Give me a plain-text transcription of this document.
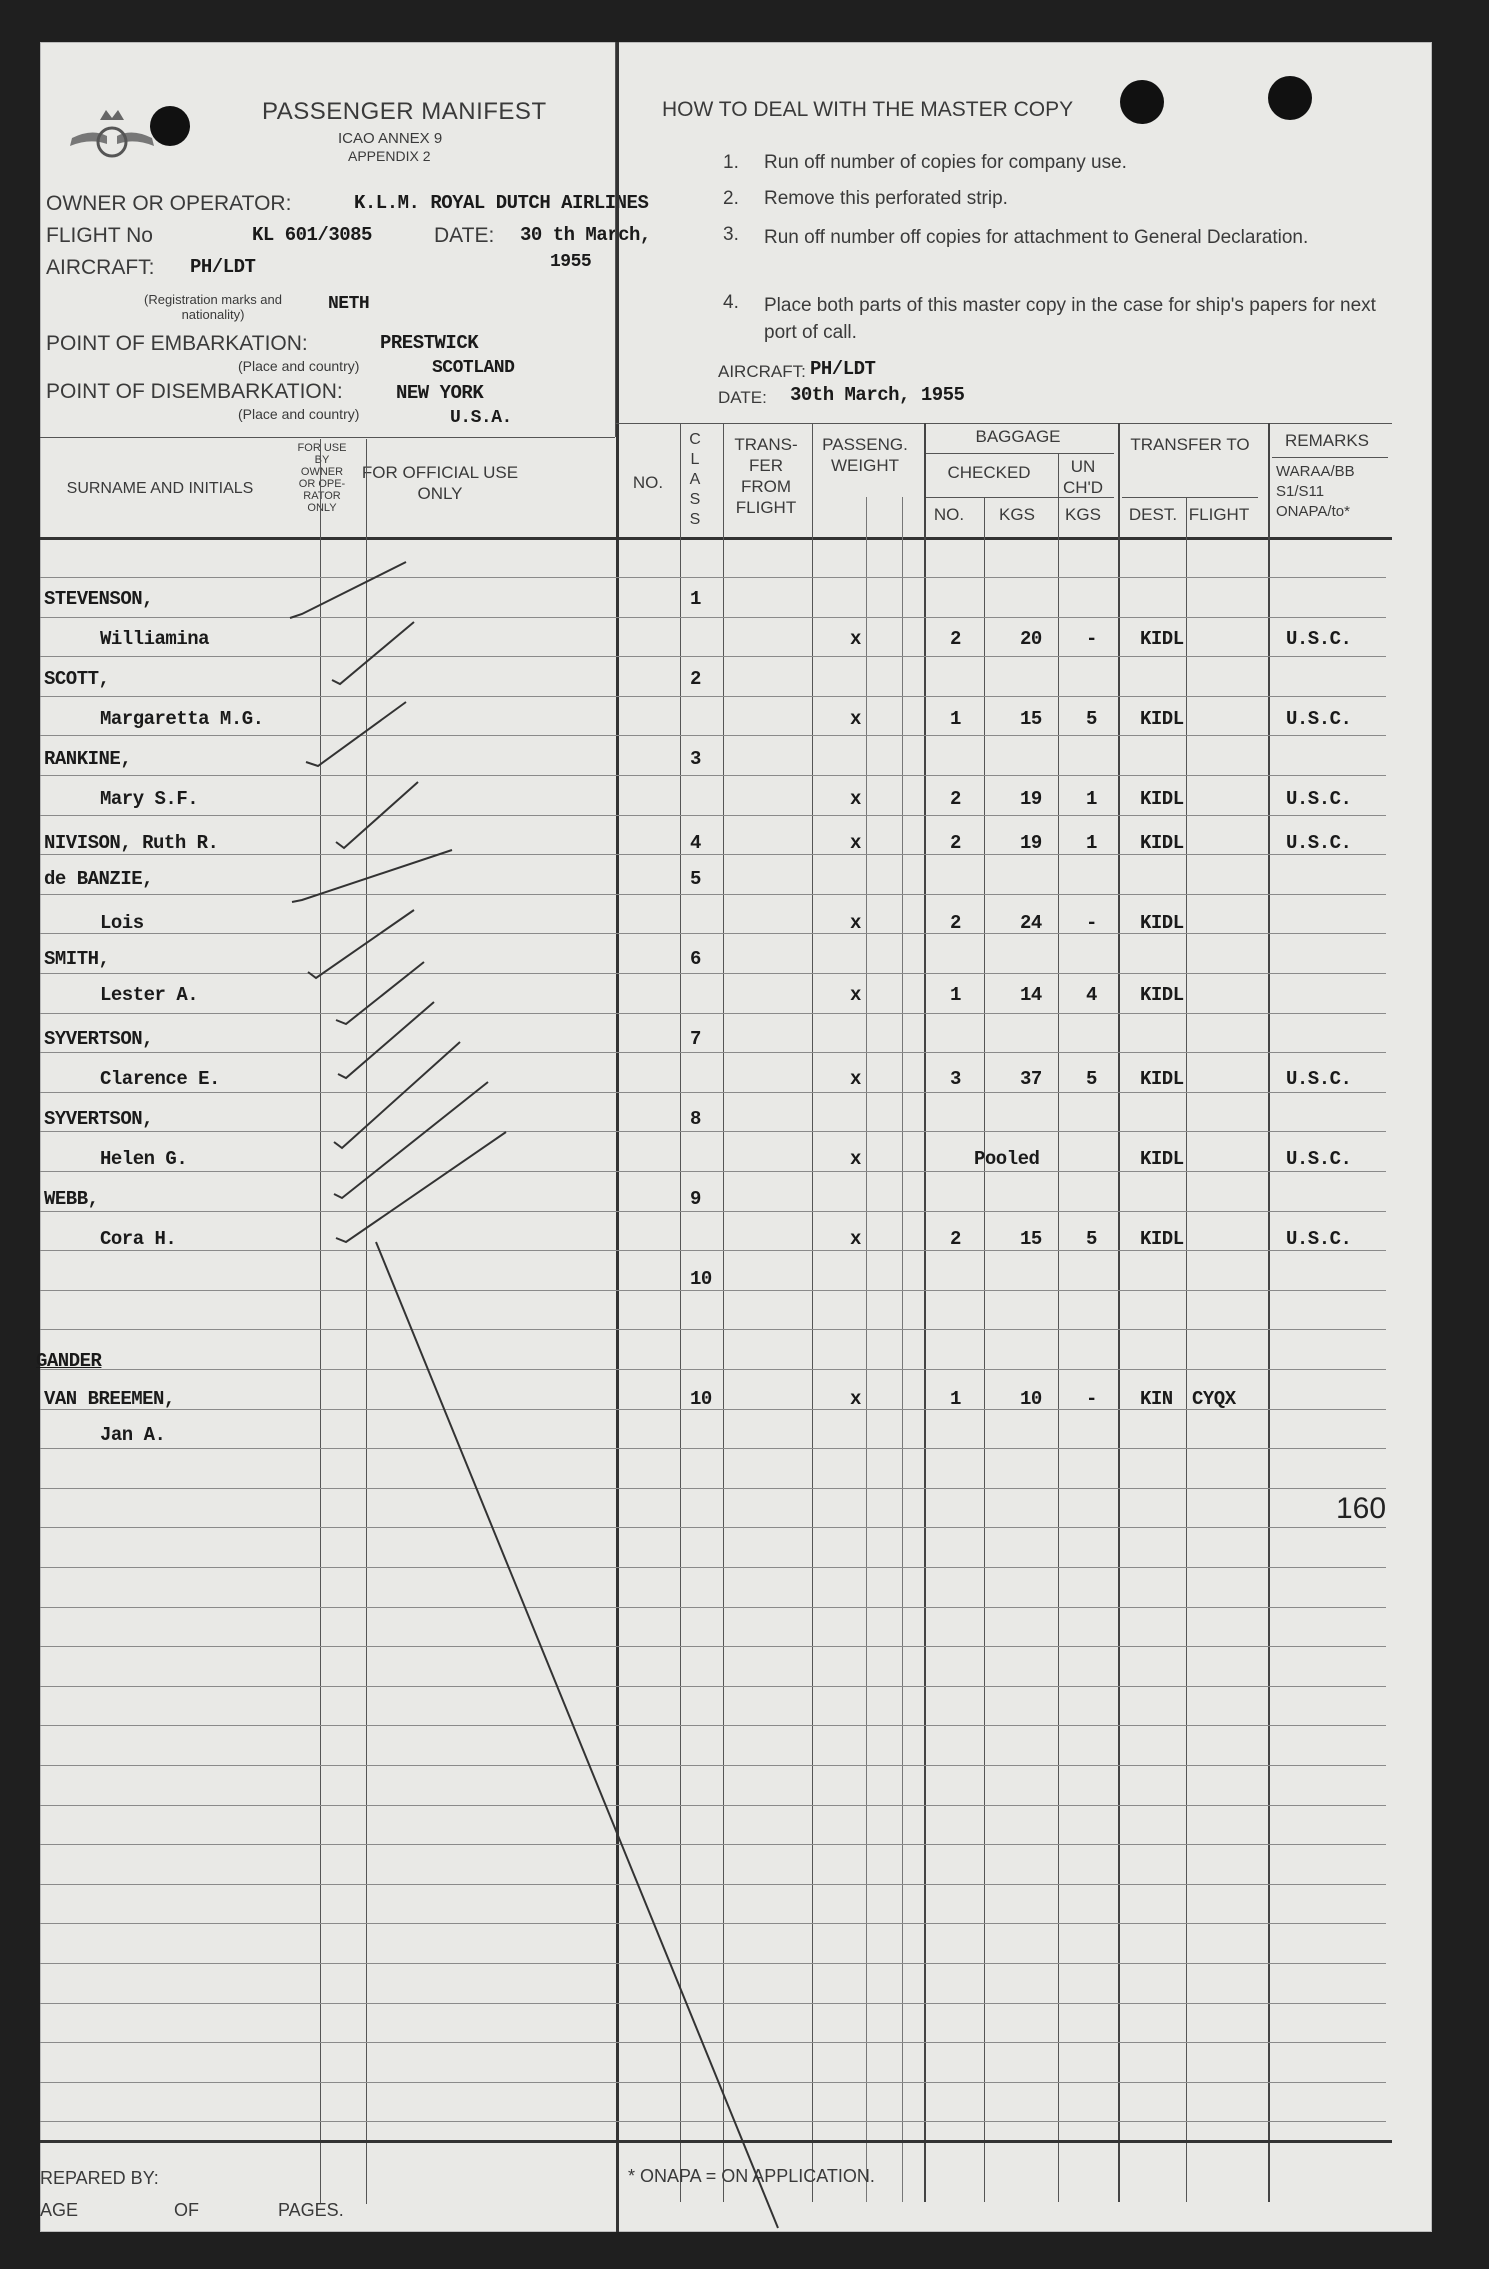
PASSENGER MANIFEST
ICAO ANNEX 9
APPENDIX 2
OWNER OR OPERATOR:	K.L.M. ROYAL DUTCH AIRLINES
FLIGHT No	KL 601/3085	DATE: 30 th March,
1955
AIRCRAFT: PH/LDT
(Registration marks and nationality)
NETH
POINT OF EMBARKATION:	PRESTWICK
(Place and country)	SCOTLAND
POINT OF DISEMBARKATION:	NEW YORK
(Place and country)	U.S.A.
HOW TO DEAL WITH THE MASTER COPY
1. Run off number of copies for company use.
2. Remove this perforated strip.
3. Run off number off copies for attachment to General Declaration.
4. Place both parts of this master copy in the case for ship's papers for next port of call.
AIRCRAFT: PH/LDT
DATE: 30th March, 1955
SURNAME AND INITIALS
FOR USE BY OWNER OR OPE- RATOR ONLY
FOR OFFICIAL USE ONLY
NO.
CLASS
TRANS- FER FROM FLIGHT
PASSENG. WEIGHT
BAGGAGE
CHECKED	UN CH'D
NO.	KGS	KGS
TRANSFER TO
DEST. FLIGHT
REMARKS
WARAA/BB S1/S11 ONAPA/to*
STEVENSON,	1
Williamina	x	2	20 - KIDL	U.S.C.
SCOTT,	2
Margaretta M.G.	x	1	15 5 KIDL	U.S.C.
RANKINE,	3
Mary S.F.	x	2	19 1 KIDL	U.S.C.
NIVISON, Ruth R.	4	x	2	19 1 KIDL	U.S.C.
de BANZIE,	5
Lois	x	2	24 - KIDL
SMITH,	6
Lester A.	x	1	14 4 KIDL
SYVERTSON,	7
Clarence E.	x	3	37 5 KIDL	U.S.C.
SYVERTSON,	8
Helen G.	x	Pooled	KIDL	U.S.C.
WEBB,	9
Cora H.	x	2	15 5 KIDL	U.S.C.
10
GANDER
VAN BREEMEN,	10	x	1	10 - KIN CYQX
Jan A.
160
REPARED BY:
AGE	OF	PAGES.
* ONAPA = ON APPLICATION.
